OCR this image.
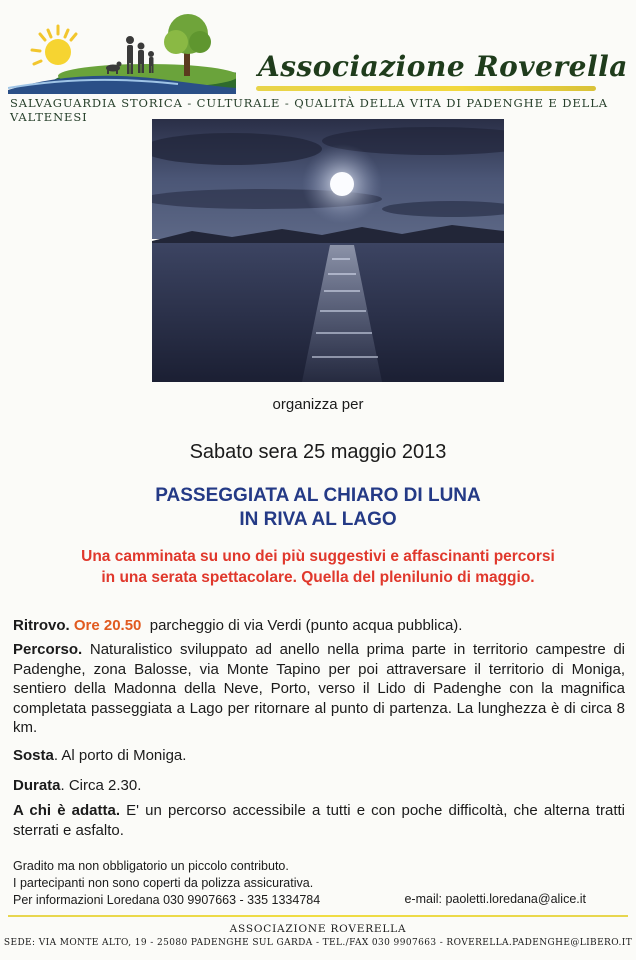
Associazione Roverella
SALVAGUARDIA STORICA - CULTURALE - QUALITÀ DELLA VITA DI PADENGHE E DELLA VALTENESI
organizza per
Sabato sera 25 maggio 2013
PASSEGGIATA AL CHIARO DI LUNA
IN RIVA AL LAGO
Una camminata su uno dei più suggestivi e affascinanti percorsi
in una serata spettacolare. Quella del plenilunio di maggio.
Ritrovo. Ore 20.50 parcheggio di via Verdi (punto acqua pubblica).
Percorso. Naturalistico sviluppato ad anello nella prima parte in territorio campestre di Padenghe, zona Balosse, via Monte Tapino per poi attraversare il territorio di Moniga, sentiero della Madonna della Neve, Porto, verso il Lido di Padenghe con la magnifica completata passeggiata a Lago per ritornare al punto di partenza. La lunghezza è di circa 8 km.
Sosta. Al porto di Moniga.
Durata. Circa 2.30.
A chi è adatta. E' un percorso accessibile a tutti e con poche difficoltà, che alterna tratti sterrati e asfalto.
Gradito ma non obbligatorio un piccolo contributo.
I partecipanti non sono coperti da polizza assicurativa.
Per informazioni Loredana 030 9907663 - 335 1334784	e-mail: paoletti.loredana@alice.it
ASSOCIAZIONE ROVERELLA
SEDE: VIA MONTE ALTO, 19 - 25080 PADENGHE SUL GARDA - TEL./FAX 030 9907663 - ROVERELLA.PADENGHE@LIBERO.IT
